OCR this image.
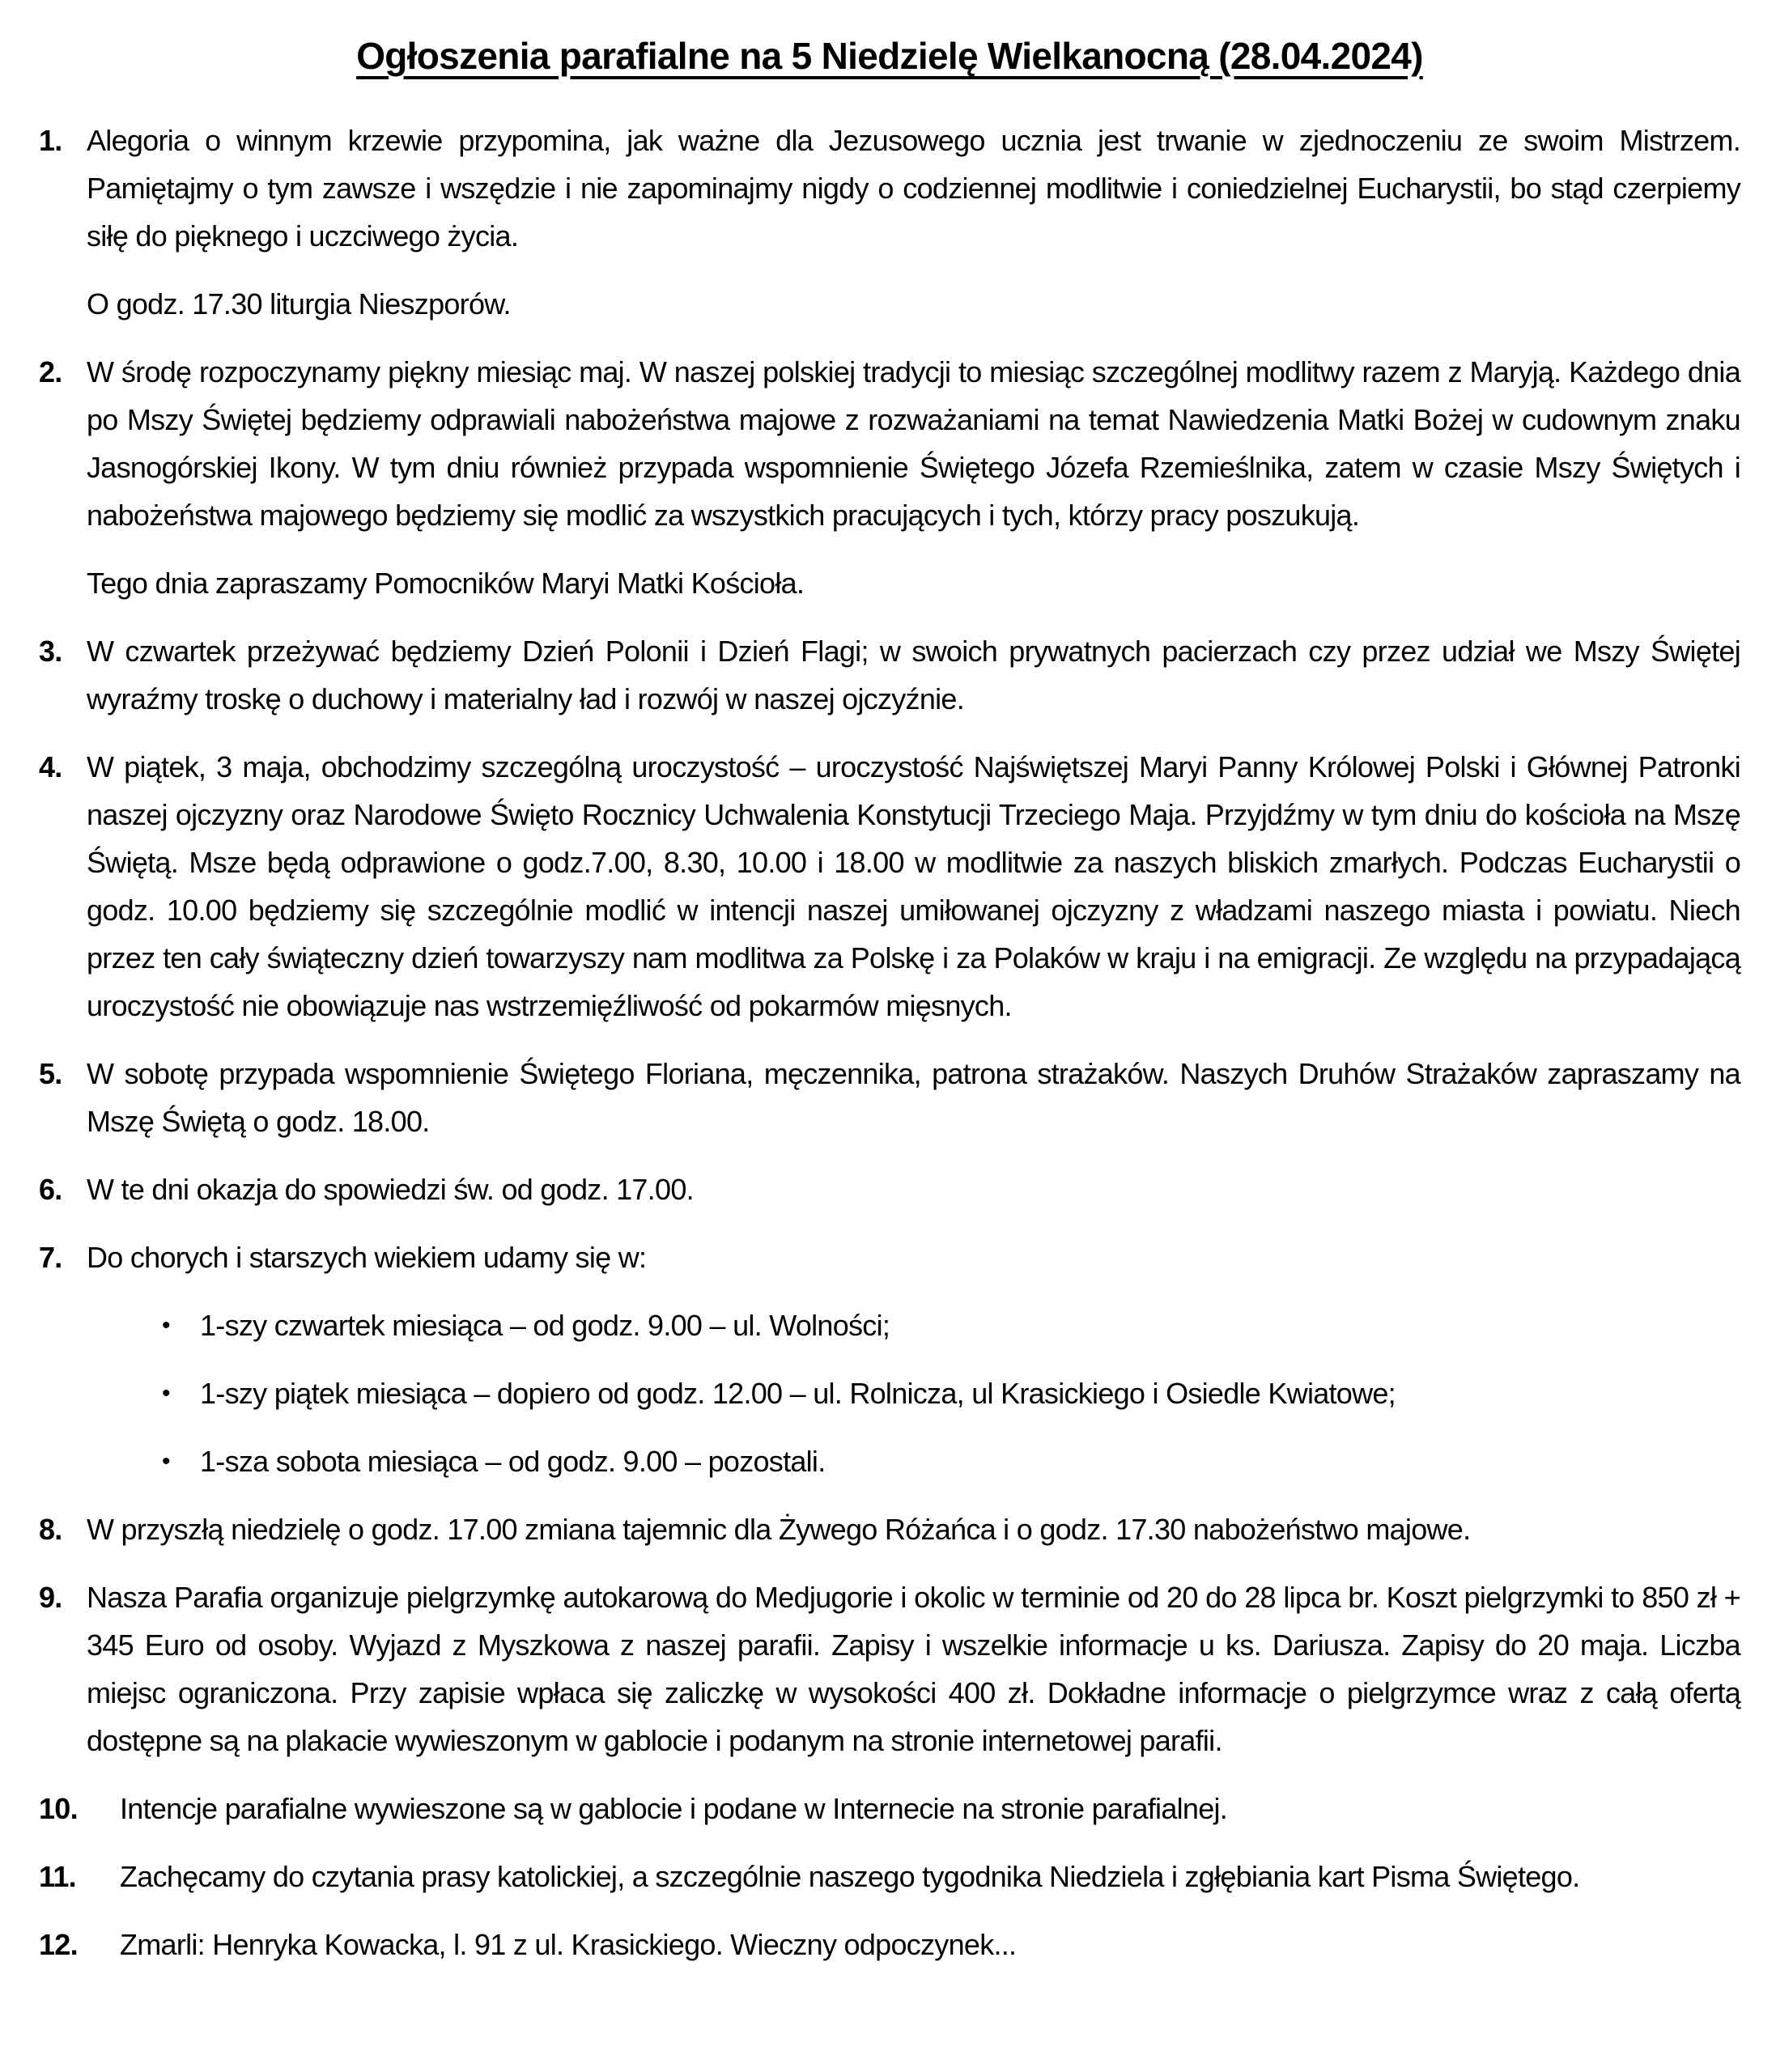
Ogłoszenia parafialne na 5 Niedzielę Wielkanocną (28.04.2024)
1. Alegoria o winnym krzewie przypomina, jak ważne dla Jezusowego ucznia jest trwanie w zjednoczeniu ze swoim Mistrzem. Pamiętajmy o tym zawsze i wszędzie i nie zapominajmy nigdy o codziennej modlitwie i coniedzielnej Eucharystii, bo stąd czerpiemy siłę do pięknego i uczciwego życia.

O godz. 17.30 liturgia Nieszporów.

2. W środę rozpoczynamy piękny miesiąc maj. W naszej polskiej tradycji to miesiąc szczególnej modlitwy razem z Maryją. Każdego dnia po Mszy Świętej będziemy odprawiali nabożeństwa majowe z rozważaniami na temat Nawiedzenia Matki Bożej w cudownym znaku Jasnogórskiej Ikony. W tym dniu również przypada wspomnienie Świętego Józefa Rzemieślnika, zatem w czasie Mszy Świętych i nabożeństwa majowego będziemy się modlić za wszystkich pracujących i tych, którzy pracy poszukują.

Tego dnia zapraszamy Pomocników Maryi Matki Kościoła.

3. W czwartek przeżywać będziemy Dzień Polonii i Dzień Flagi; w swoich prywatnych pacierzach czy przez udział we Mszy Świętej wyraźmy troskę o duchowy i materialny ład i rozwój w naszej ojczyźnie.

4. W piątek, 3 maja, obchodzimy szczególną uroczystość – uroczystość Najświętszej Maryi Panny Królowej Polski i Głównej Patronki naszej ojczyzny oraz Narodowe Święto Rocznicy Uchwalenia Konstytucji Trzeciego Maja. Przyjdźmy w tym dniu do kościoła na Mszę Świętą. Msze będą odprawione o godz.7.00, 8.30, 10.00 i 18.00 w modlitwie za naszych bliskich zmarłych. Podczas Eucharystii o godz. 10.00 będziemy się szczególnie modlić w intencji naszej umiłowanej ojczyzny z władzami naszego miasta i powiatu. Niech przez ten cały świąteczny dzień towarzyszy nam modlitwa za Polskę i za Polaków w kraju i na emigracji. Ze względu na przypadającą uroczystość nie obowiązuje nas wstrzemięźliwość od pokarmów mięsnych.

5. W sobotę przypada wspomnienie Świętego Floriana, męczennika, patrona strażaków. Naszych Druhów Strażaków zapraszamy na Mszę Świętą o godz. 18.00.

6. W te dni okazja do spowiedzi św. od godz. 17.00.

7. Do chorych i starszych wiekiem udamy się w:

•	1-szy czwartek miesiąca – od godz. 9.00 – ul. Wolności;
•	1-szy piątek miesiąca – dopiero od godz. 12.00 – ul. Rolnicza, ul Krasickiego i Osiedle Kwiatowe;
•	1-sza sobota miesiąca – od godz. 9.00 – pozostali.
8. W przyszłą niedzielę o godz. 17.00 zmiana tajemnic dla Żywego Różańca i o godz. 17.30 nabożeństwo majowe.

9. Nasza Parafia organizuje pielgrzymkę autokarową do Medjugorie i okolic w terminie od 20 do 28 lipca br. Koszt pielgrzymki to 850 zł + 345 Euro od osoby. Wyjazd z Myszkowa z naszej parafii. Zapisy i wszelkie informacje u ks. Dariusza. Zapisy do 20 maja. Liczba miejsc ograniczona. Przy zapisie wpłaca się zaliczkę w wysokości 400 zł. Dokładne informacje o pielgrzymce wraz z całą ofertą dostępne są na plakacie wywieszonym w gablocie i podanym na stronie internetowej parafii.

10.	Intencje parafialne wywieszone są w gablocie i podane w Internecie na stronie parafialnej.

11.	Zachęcamy do czytania prasy katolickiej, a szczególnie naszego tygodnika Niedziela i zgłębiania kart Pisma Świętego.

12.	Zmarli: Henryka Kowacka, l. 91 z ul. Krasickiego. Wieczny odpoczynek...
